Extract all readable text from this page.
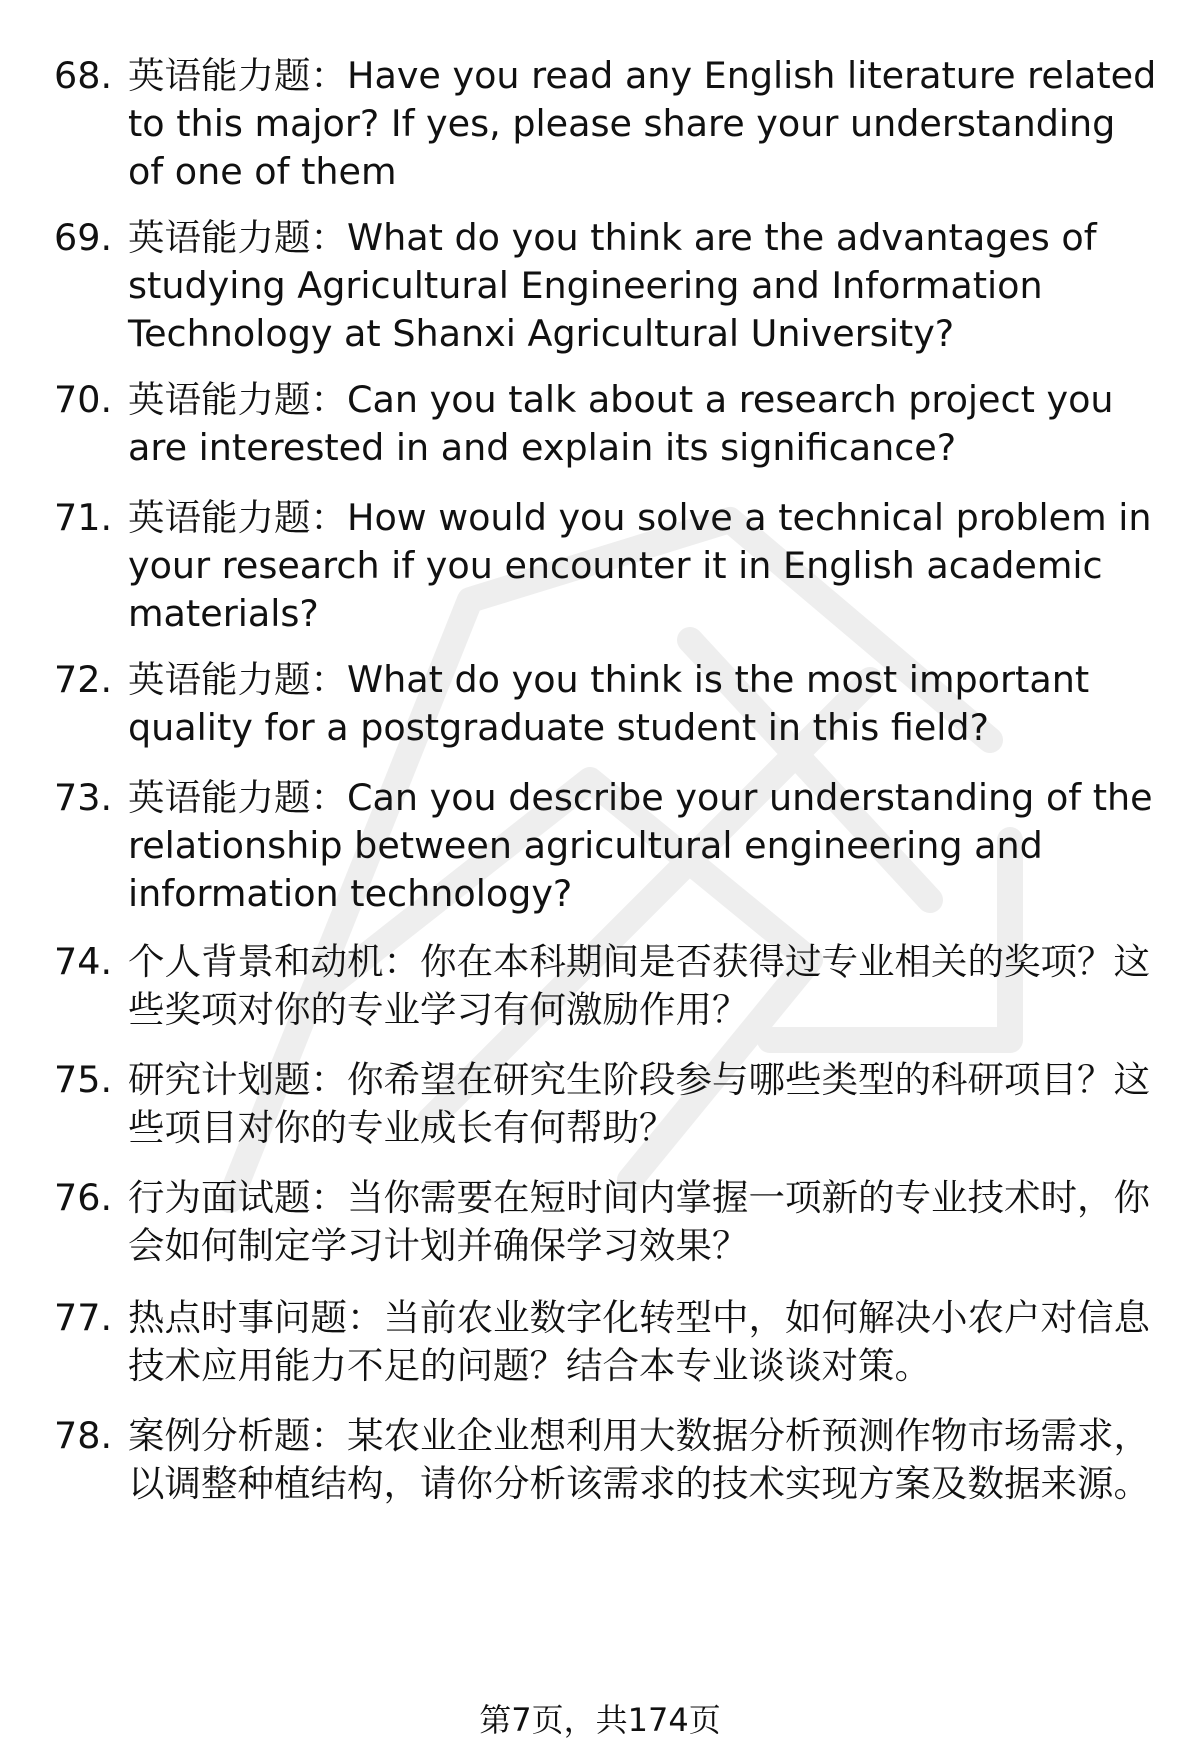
68. 英语能力题：Have you read any English literature related to this major? If yes, please share your understanding of one of them
69. 英语能力题：What do you think are the advantages of studying Agricultural Engineering and Information Technology at Shanxi Agricultural University?
70. 英语能力题：Can you talk about a research project you are interested in and explain its significance?
71. 英语能力题：How would you solve a technical problem in your research if you encounter it in English academic materials?
72. 英语能力题：What do you think is the most important quality for a postgraduate student in this field?
73. 英语能力题：Can you describe your understanding of the relationship between agricultural engineering and information technology?
74. 个人背景和动机：你在本科期间是否获得过专业相关的奖项？这些奖项对你的专业学习有何激励作用？
75. 研究计划题：你希望在研究生阶段参与哪些类型的科研项目？这些项目对你的专业成长有何帮助？
76. 行为面试题：当你需要在短时间内掌握一项新的专业技术时，你会如何制定学习计划并确保学习效果？
77. 热点时事问题：当前农业数字化转型中，如何解决小农户对信息技术应用能力不足的问题？结合本专业谈谈对策。
78. 案例分析题：某农业企业想利用大数据分析预测作物市场需求，以调整种植结构，请你分析该需求的技术实现方案及数据来源。
第7页，共174页
